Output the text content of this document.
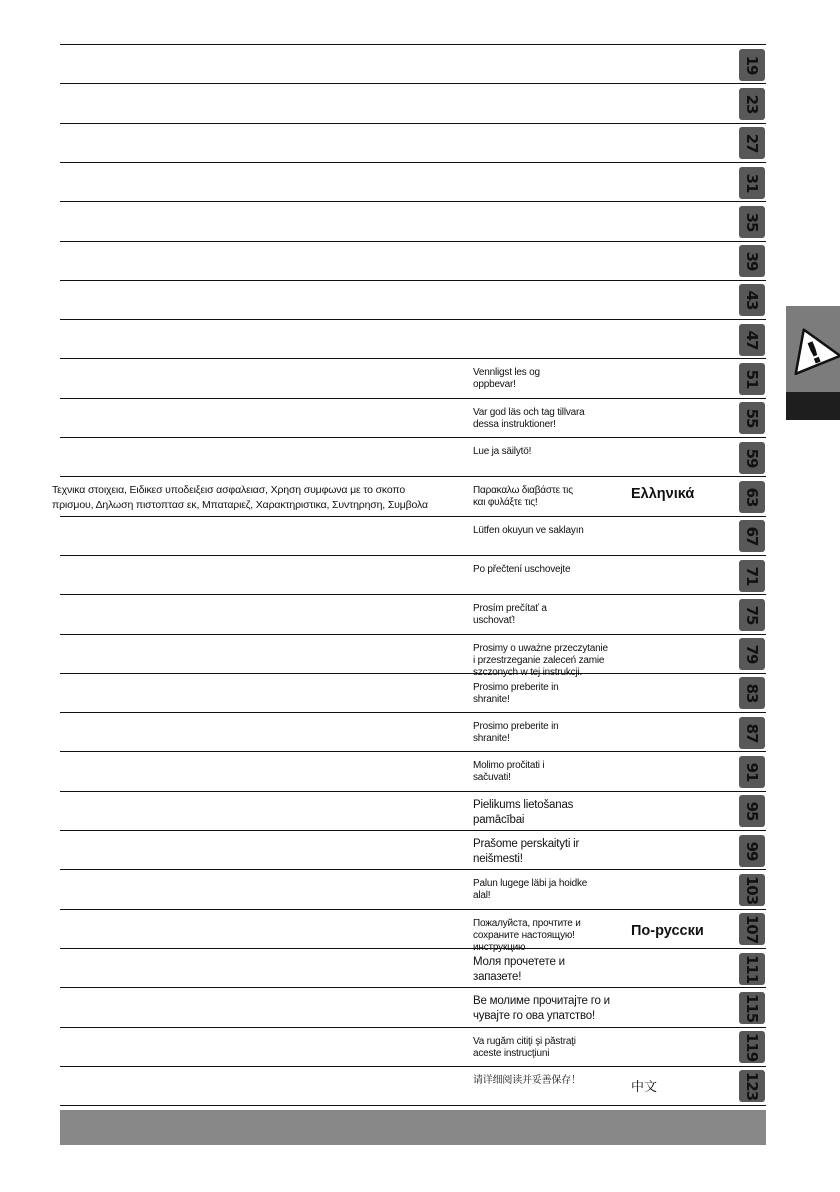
19
23
27
31
35
39
43
47
Vennligst les og
oppbevar!	51
Var god läs och tag tillvara
dessa instruktioner!	55
Lue ja säilytö!	59
Τεχνικα στοιχεια, Ειδικεσ υποδειξεισ ασφαλειασ, Χρηση συμφωνα με το σκοπο
πρισμου, Δηλωση πιστοπτασ εκ, Μπαταριεζ, Χαρακτηριστικα, Συντηρηση, Συμβολα
Παρακαλω διαβάστε τις
και φυλάξτε τις!
Ελληνικά	63
Lütfen okuyun ve saklayın	67
Po přečtení uschovejte	71
Prosím prečítať a
uschovať!	75
Prosimy o uważne przeczytanie
i przestrzeganie zaleceń zamie
szczonych w tej instrukcji.
79
Prosimo preberite in
shranite!	83
Prosimo preberite in
shranite!	87
Molimo pročitati i
sačuvati!	91
Pielikums lietošanas
pamācībai	95
Prašome perskaityti ir
neišmesti!	99
Palun lugege läbi ja hoidke
alal!	103
Пожалуйста, прочтите и
сохраните настоящую!
инструкцию
По-русски	107
Моля прочетете и
запазете!	111
Ве молиме прочитајте го и
чувајте го ова упатство!	115
Va rugăm citiţi şi păstraţi
aceste instrucţiuni	119
请详细阅读并妥善保存！	中文	123
!
